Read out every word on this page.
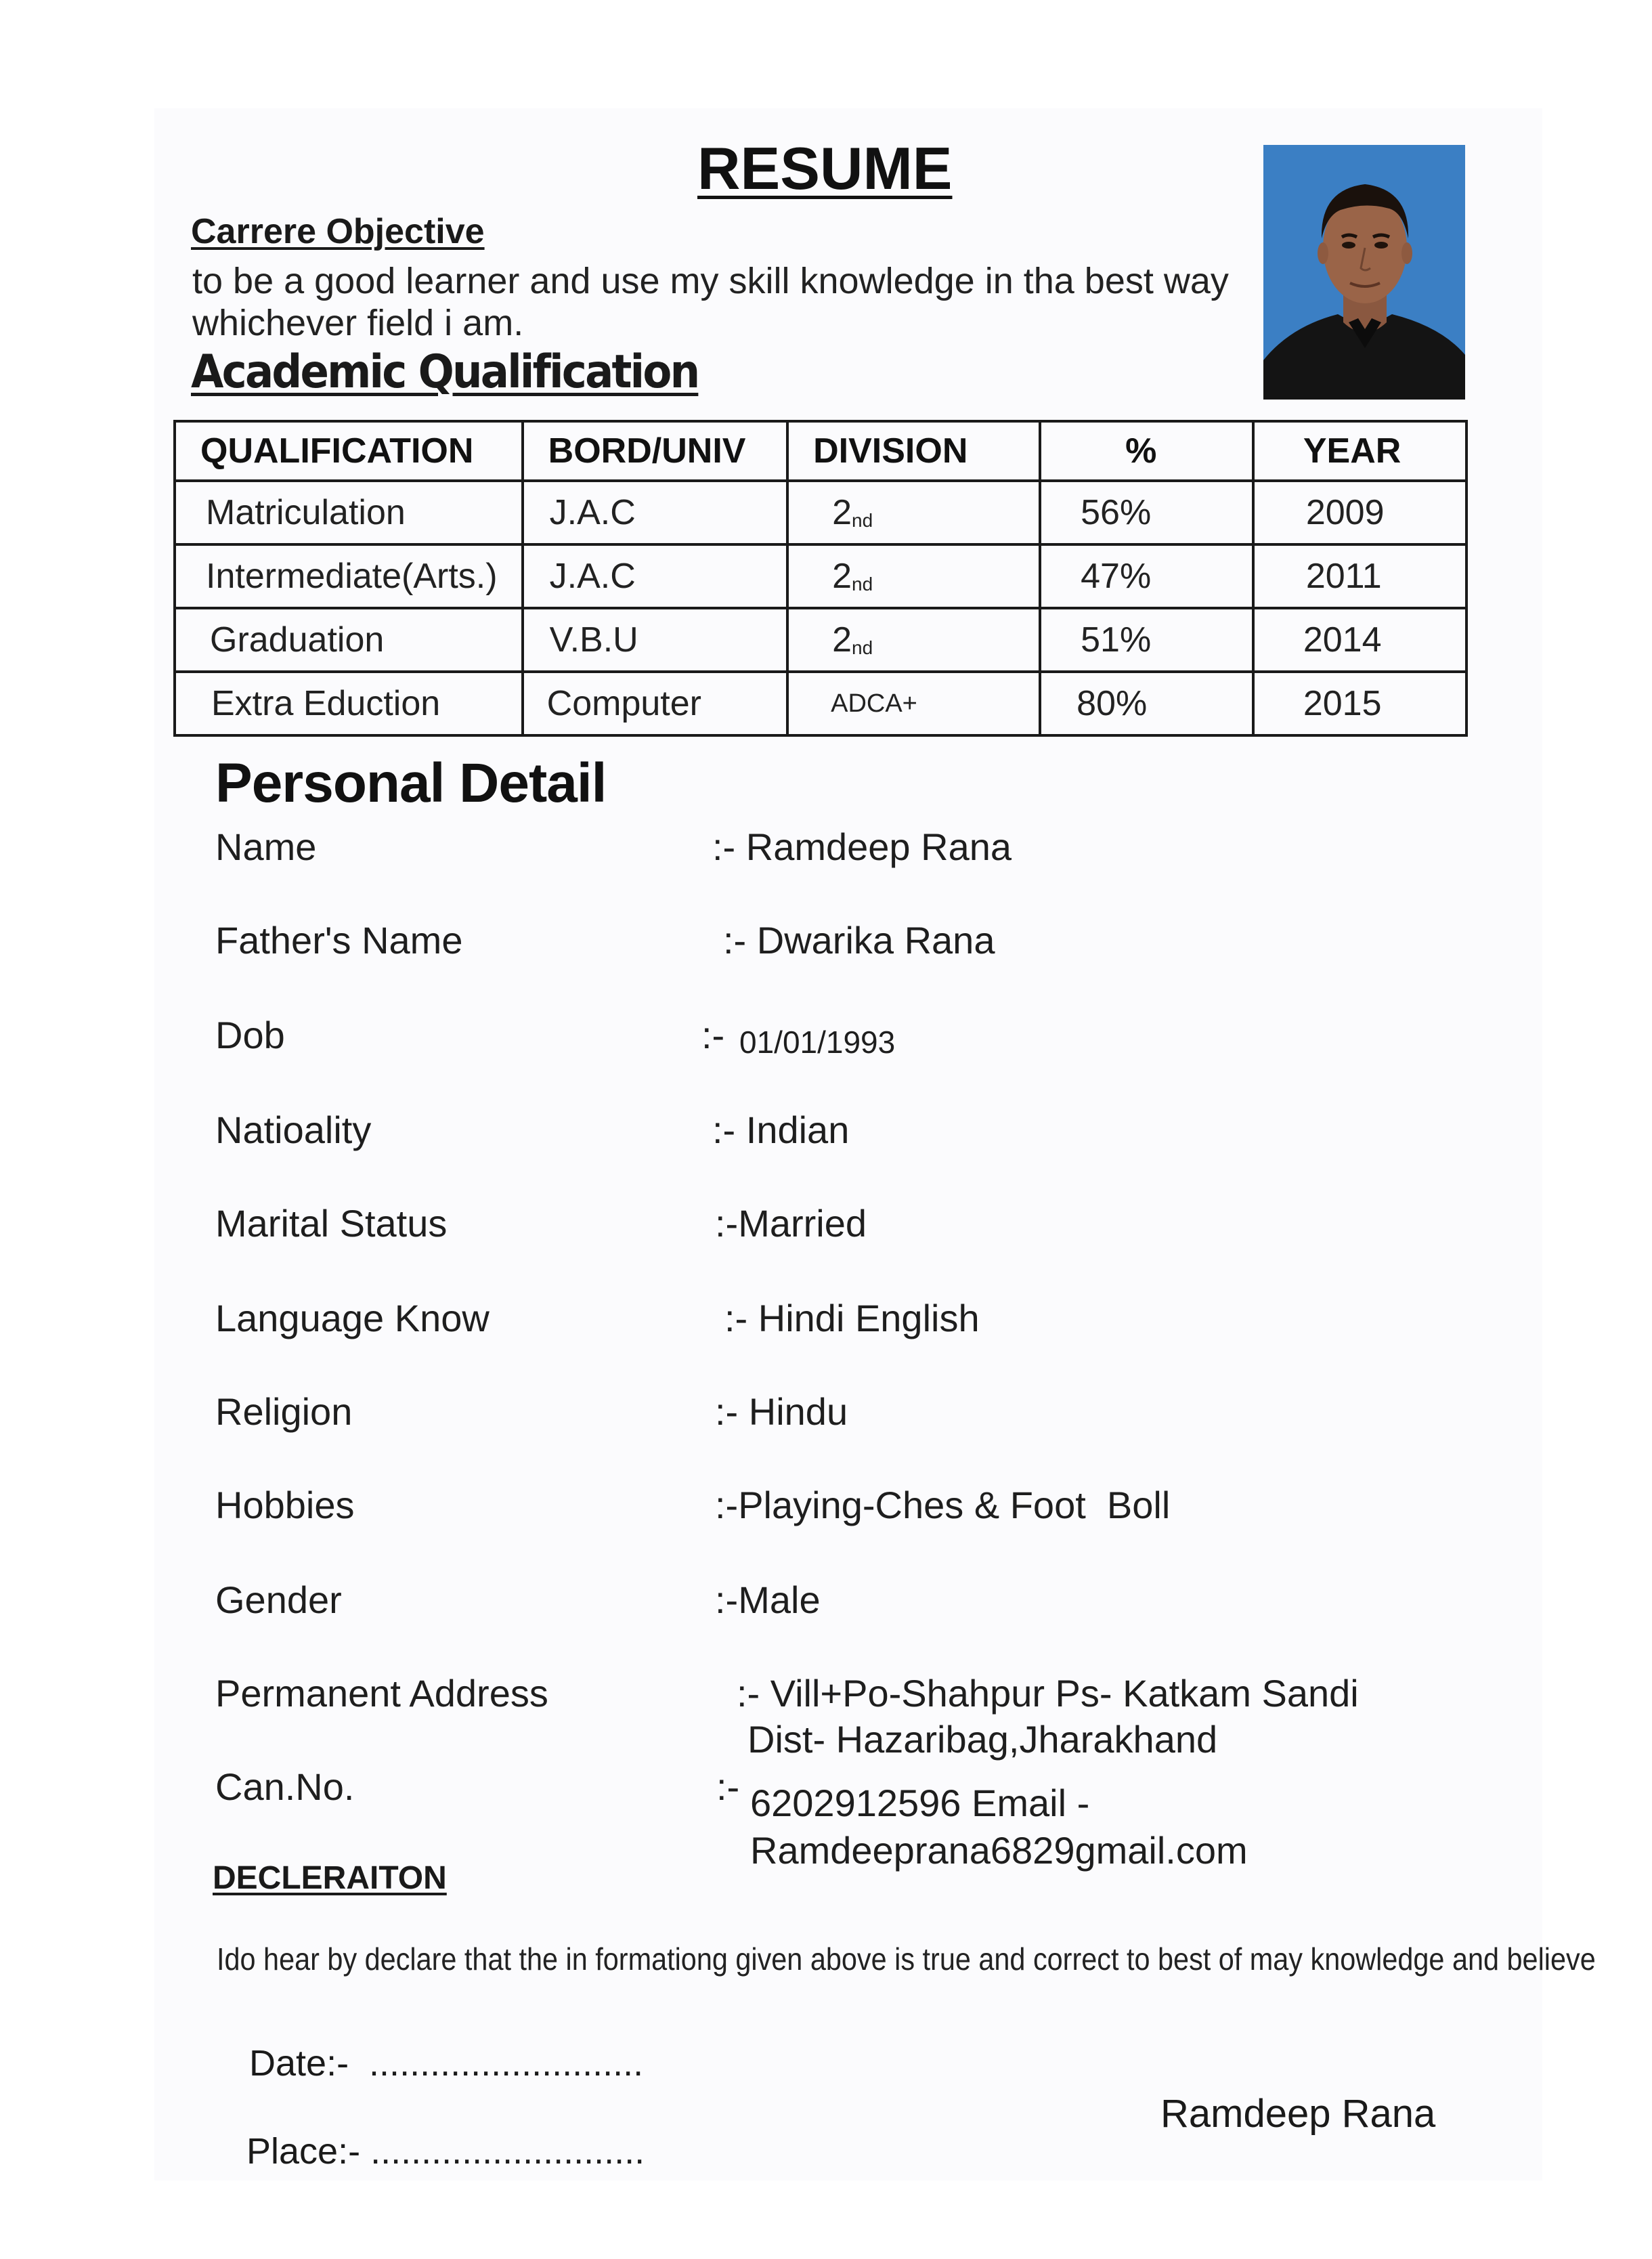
RESUME
Carrere Objective
to be a good learner and use my skill knowledge in tha best way
whichever field i am.
Academic Qualification
QUALIFICATION	BORD/UNIV	DIVISION	%	YEAR
Matriculation	J.A.C	$2_{nd}$	56%	2009
Intermediate(Arts.)	J.A.C	$2_{nd}$	47%	2011
Graduation	V.B.U	$2_{nd}$	51%	2014
Extra Eduction	Computer	ADCA+	80%	2015
Personal Detail
Name	:- Ramdeep Rana
Father's Name	:- Dwarika Rana
Dob	:- 01/01/1993
Natioality	:- Indian
Marital Status	:-Married
Language Know	:- Hindi English
Religion	:- Hindu
Hobbies	:-Playing-Ches & Foot  Boll
Gender	:-Male
Permanent Address	:- Vill+Po-Shahpur Ps- Katkam Sandi
Dist- Hazaribag,Jharakhand
Can.No.	:- 6202912596 Email -
Ramdeeprana6829gmail.com
DECLERAITON
Ido hear by declare that the in formationg given above is true and correct to best of may knowledge and believe
Date:-  ...........................
Place:- ...........................
Ramdeep Rana
